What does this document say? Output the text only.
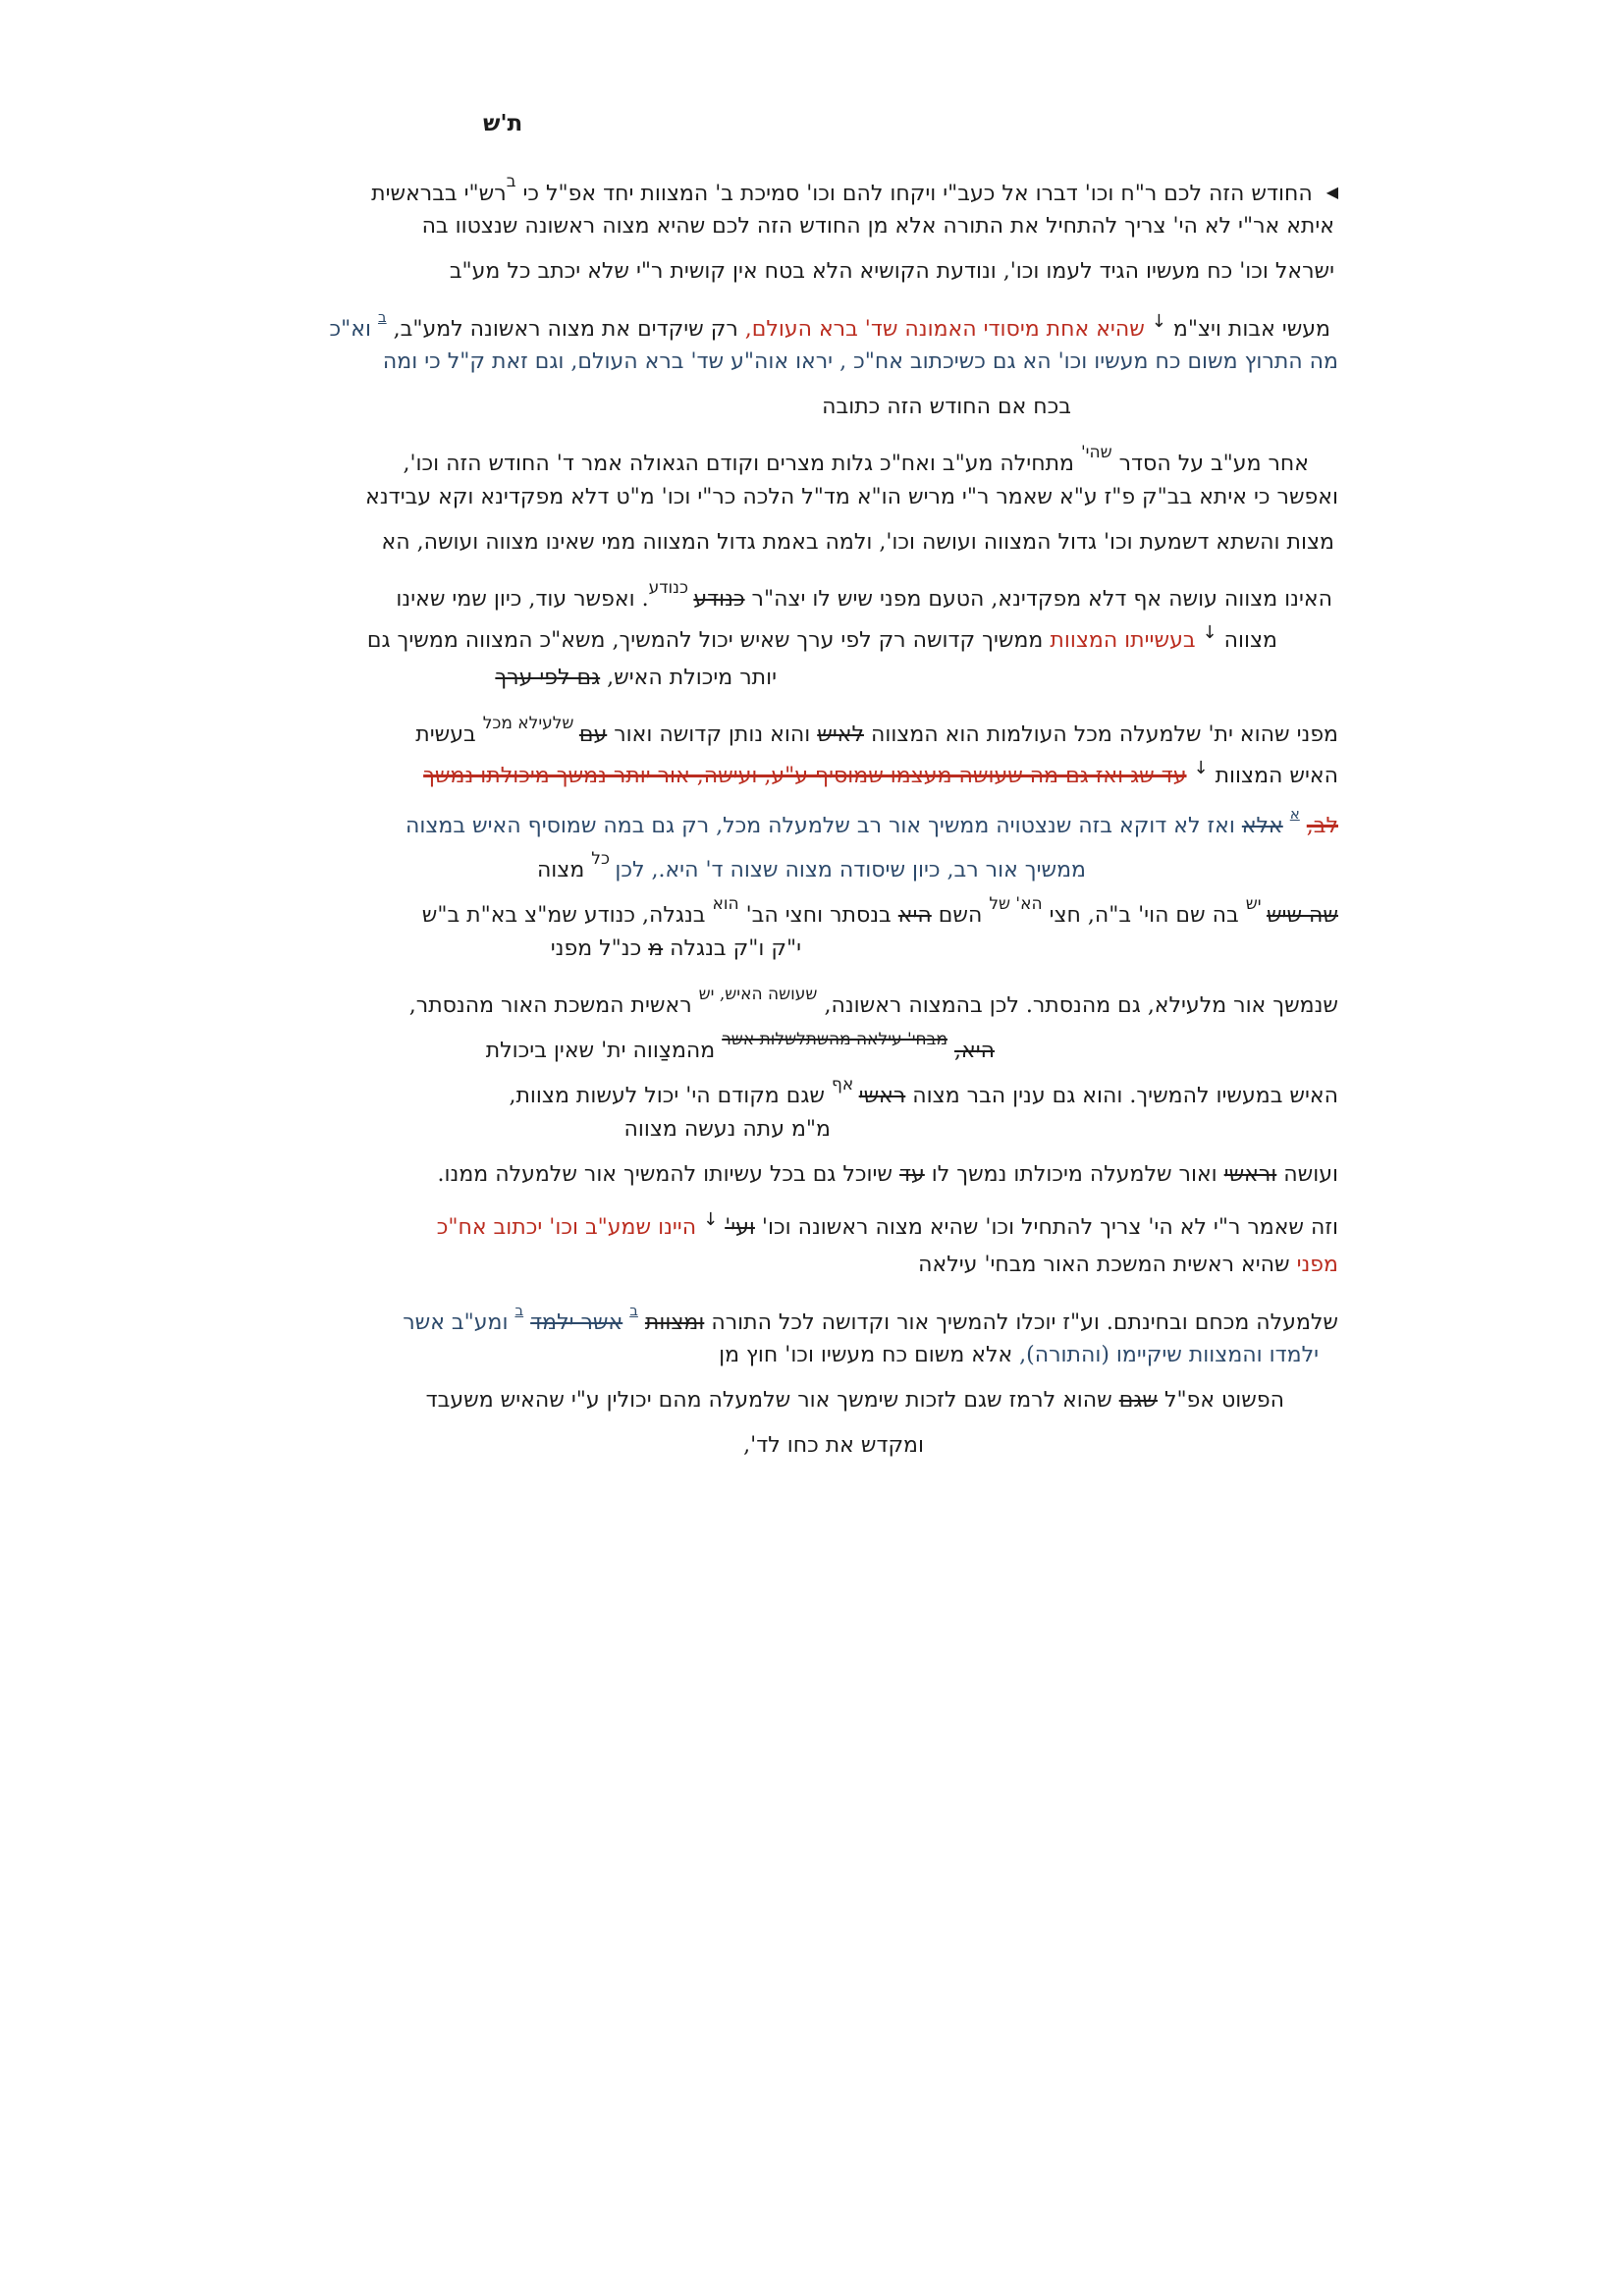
ת'ש
◀  החודש הזה לכם ר"ח וכו' דברו אל כעב"י ויקחו להם וכו' סמיכת ב' המצוות יחד אפ"ל כי $^ב$רש"י בבראשית
איתא אר"י לא הי' צריך להתחיל את התורה אלא מן החודש הזה לכם שהיא מצוה ראשונה שנצטוו בה
ישראל וכו' כח מעשיו הגיד לעמו וכו', ונודעת הקושיא הלא בטח אין קושית ר"י שלא יכתב כל מע"ב
מעשי אבות ויצ"מ ↓ שהיא אחת מיסודי האמונה שד' ברא העולם, רק שיקדים את מצוה ראשונה למע"ב, $^ב$ וא"כ
מה התרוץ משום כח מעשיו וכו' הא גם כשיכתוב אח"כ , יראו אוה"ע שד' ברא העולם, וגם זאת ק"ל כי ומה
בכח אם החודש הזה כתובה
אחר מע"ב על הסדר $^{שהי'}$ מתחילה מע"ב ואח"כ גלות מצרים וקודם הגאולה אמר ד' החודש הזה וכו',
ואפשר כי איתא בב"ק פ"ז ע"א שאמר ר"י מריש הו"א מד"ל הלכה כר"י וכו' מ"ט דלא מפקדינא וקא עבידנא
מצות והשתא דשמעת וכו' גדול המצווה ועושה וכו', ולמה באמת גדול המצווה ממי שאינו מצווה ועושה, הא
האינו מצווה עושה אף דלא מפקדינא, הטעם מפני שיש לו יצה"ר כנודע $^{כנודע}$. ואפשר עוד, כיון שמי שאינו
מצווה ↓ בעשייתו המצוות ממשיך קדושה רק לפי ערך שאיש יכול להמשיך, משא"כ המצווה ממשיך גם
יותר מיכולת האיש, גם לפי ערך
מפני שהוא ית' שלמעלה מכל העולמות הוא המצווה לאיש והוא נותן קדושה ואור עם $^{שלעילא מכל}$ בעשית
האיש המצוות ↓ עד שג ואז גם מה שעושה מעצמו שמוסיף ע"ע, ועישה, אור יותר נמשך מיכולתו נמשך
לב, $^א$ אלא ואז לא דוקא בזה שנצטויה ממשיך אור רב שלמעלה מכל, רק גם במה שמוסיף האיש במצוה
ממשיך אור רב, כיון שיסודה מצוה שצוה ד' היא., לכן $^{כל}$ מצוה
שה שיש $^{יש}$ בה שם הוי' ב"ה, חצי $^{הא' של}$ השם היא בנסתר וחצי הב' $^{הוא}$ בנגלה, כנודע שמ"צ בא"ת ב"ש
י"ק ו"ק בנגלה מ כנ"ל מפני
שנמשך אור מלעילא, גם מהנסתר. לכן בהמצוה ראשונה, $^{שעושה האיש, יש}$ ראשית המשכת האור מהנסתר,
היא, $^{מבחי' עילאה מהשתלשלות אשר}$ מהמצַווה ית' שאין ביכולת
האיש במעשיו להמשיך. והוא גם ענין הבר מצוה ראשי $^{אף}$ שגם מקודם הי' יכול לעשות מצוות,
מ"מ עתה נעשה מצווה
ועושה וראשי ואור שלמעלה מיכולתו נמשך לו עד שיוכל גם בכל עשיותו להמשיך אור שלמעלה ממנו.
וזה שאמר ר"י לא הי' צריך להתחיל וכו' שהיא מצוה ראשונה וכו' ועי' ↓ היינו שמע"ב וכו' יכתוב אח"כ
מפני שהיא ראשית המשכת האור מבחי' עילאה
שלמעלה מכחם ובחינתם. וע"ז יוכלו להמשיך אור וקדושה לכל התורה ומצוות $^ב$ אשר ילמד $^ב$ ומע"ב אשר
ילמדו והמצוות שיקיימו (והתורה), אלא משום כח מעשיו וכו' חוץ מן
הפשוט אפ"ל שגם שהוא לרמז שגם לזכות שימשך אור שלמעלה מהם יכולין ע"י שהאיש משעבד
ומקדש את כחו לד',
